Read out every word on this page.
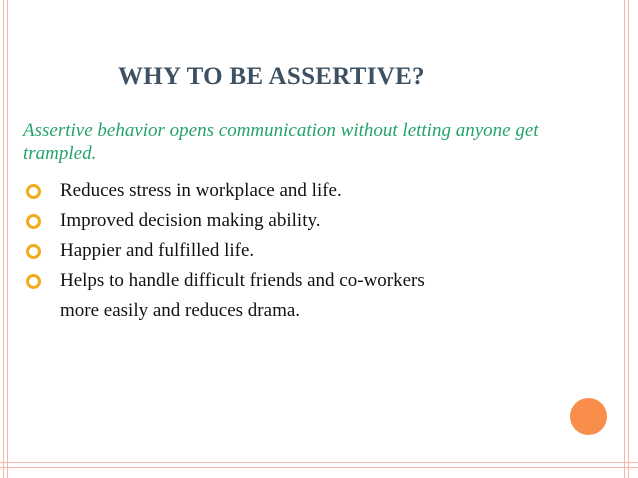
WHY TO BE ASSERTIVE?
Assertive behavior opens communication without letting anyone get trampled.
Reduces stress in workplace and life.
Improved decision making ability.
Happier and fulfilled life.
Helps to handle difficult friends and co-workers
more easily and reduces drama.
